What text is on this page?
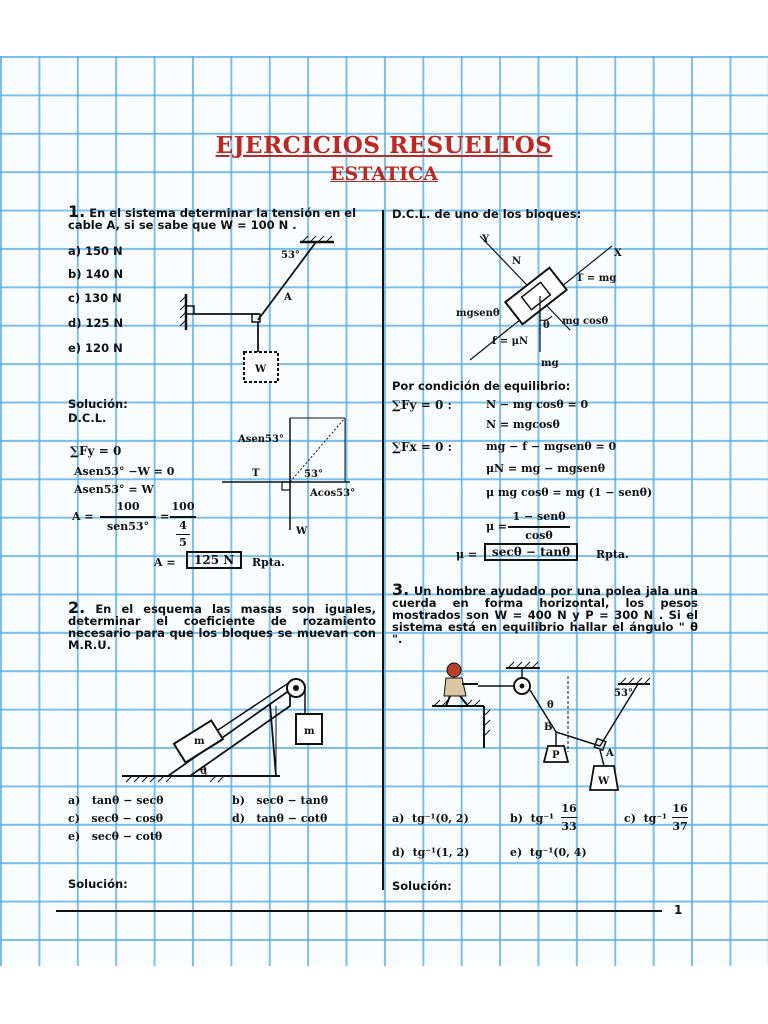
EJERCICIOS RESUELTOS
ESTATICA
1
1. En el sistema determinar la tensión en el
cable A, si se sabe que W = 100 N .
a) 150 N
b) 140 N
c) 130 N
d) 125 N
e) 120 N
53°
A
W
Solución:
D.C.L.
∑Fy = 0
Asen53° −W = 0
Asen53° = W
A =
100
sen53°
=
100
4
5
A =	125 N	Rpta.
Asen53°
T	53°
Acos53°
W
D.C.L. de uno de los bloques:
Y
X
N
T = mg
mgsenθ
mg cosθ
θ
f = μN
mg
Por condición de equilibrio:
∑Fy = 0 :	N − mg cosθ = 0
N = mgcosθ
∑Fx = 0 :	mg − f − mgsenθ = 0
μN = mg − mgsenθ
μ mg cosθ = mg (1 − senθ)
μ =
1 − senθ
cosθ
μ =	secθ − tanθ	Rpta.
2. En el esquema las masas son iguales, determinar el coeficiente de rozamiento necesario para que los bloques se muevan con M.R.U.
m
m
θ
a) tanθ − secθ	b) secθ − tanθ
c) secθ − cosθ	d) tanθ − cotθ
e) secθ − cotθ
Solución:
3. Un hombre ayudado por una polea jala una cuerda en forma horizontal, los pesos mostrados son W = 400 N y P = 300 N . Si el sistema está en equilibrio hallar el ángulo " θ ".
θ
B
P	A
W
53°
a) tg⁻¹(0, 2)	b) tg⁻¹
16
33
c) tg⁻¹
16
37
d) tg⁻¹(1, 2)	e) tg⁻¹(0, 4)
Solución:
